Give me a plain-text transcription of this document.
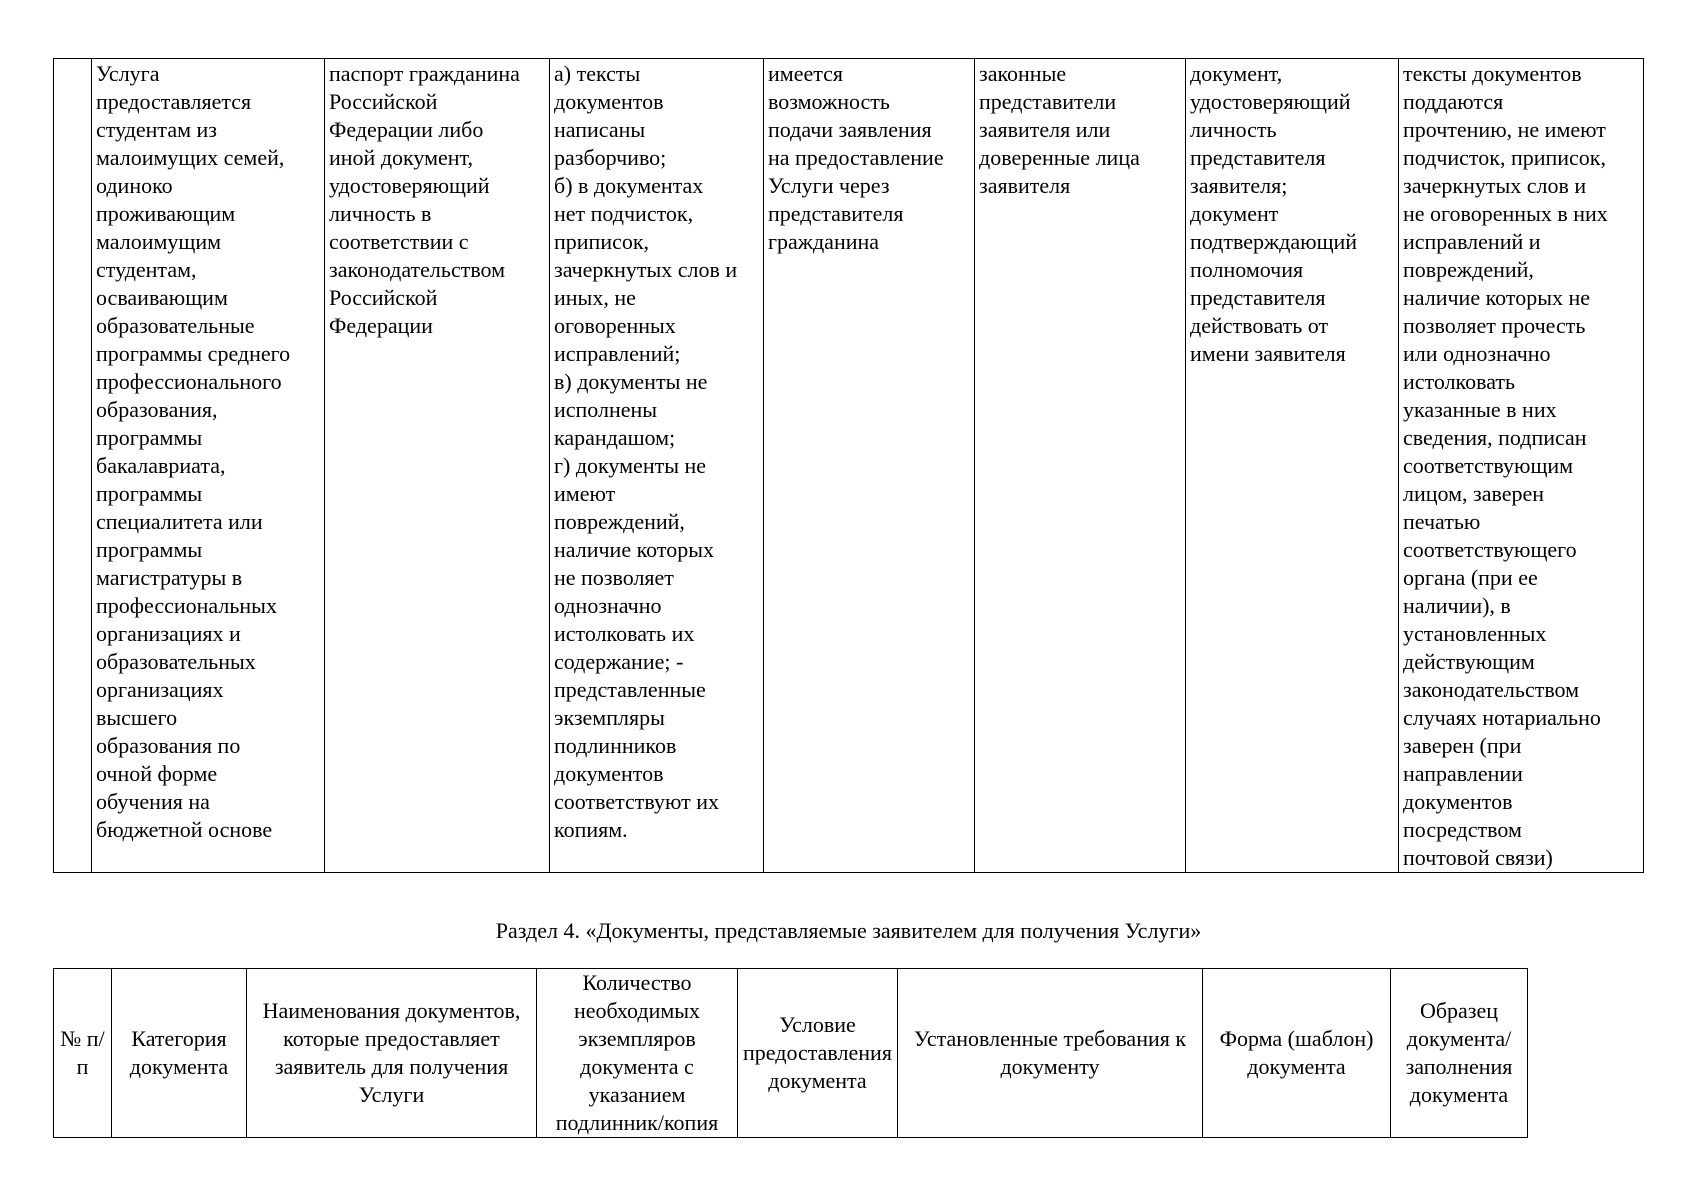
	Услуга
предоставляется
студентам из
малоимущих семей,
одиноко
проживающим
малоимущим
студентам,
осваивающим
образовательные
программы среднего
профессионального
образования,
программы
бакалавриата,
программы
специалитета или
программы
магистратуры в
профессиональных
организациях и
образовательных
организациях
высшего
образования по
очной форме
обучения на
бюджетной основе	паспорт гражданина
Российской
Федерации либо
иной документ,
удостоверяющий
личность в
соответствии с
законодательством
Российской
Федерации	а) тексты
документов
написаны
разборчиво;
б) в документах
нет подчисток,
приписок,
зачеркнутых слов и
иных, не
оговоренных
исправлений;
в) документы не
исполнены
карандашом;
г) документы не
имеют
повреждений,
наличие которых
не позволяет
однозначно
истолковать их
содержание; -
представленные
экземпляры
подлинников
документов
соответствуют их
копиям.	имеется
возможность
подачи заявления
на предоставление
Услуги через
представителя
гражданина	законные
представители
заявителя или
доверенные лица
заявителя	документ,
удостоверяющий
личность
представителя
заявителя;
документ
подтверждающий
полномочия
представителя
действовать от
имени заявителя	тексты документов
поддаются
прочтению, не имеют
подчисток, приписок,
зачеркнутых слов и
не оговоренных в них
исправлений и
повреждений,
наличие которых не
позволяет прочесть
или однозначно
истолковать
указанные в них
сведения, подписан
соответствующим
лицом, заверен
печатью
соответствующего
органа (при ее
наличии), в
установленных
действующим
законодательством
случаях нотариально
заверен (при
направлении
документов
посредством
почтовой связи)
Раздел 4. «Документы, представляемые заявителем для получения Услуги»
№ п/п	Категория документа	Наименования документов, которые предоставляет заявитель для получения Услуги	Количество необходимых экземпляров документа с указанием подлинник/копия	Условие предоставления документа	Установленные требования к документу	Форма (шаблон) документа	Образец документа/заполнения документа
